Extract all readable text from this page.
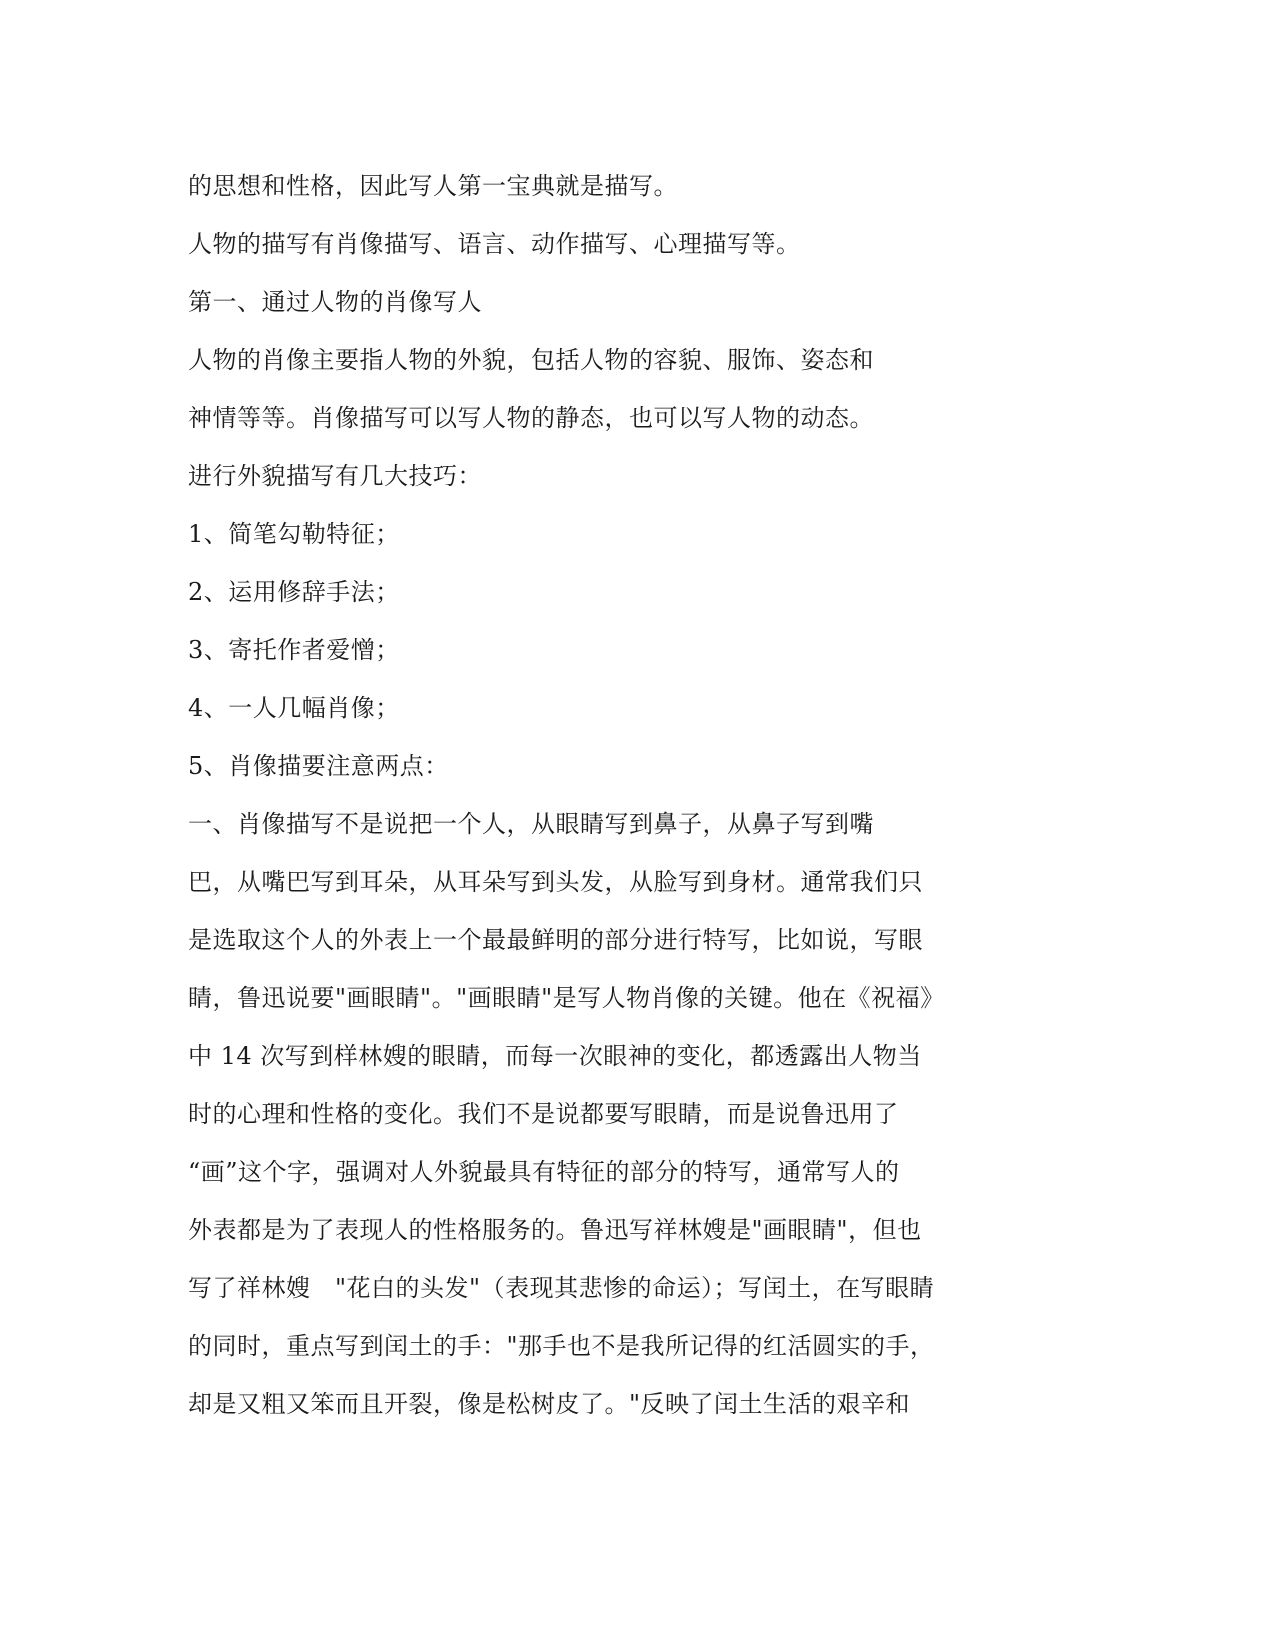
的思想和性格，因此写人第一宝典就是描写。
人物的描写有肖像描写、语言、动作描写、心理描写等。
第一、通过人物的肖像写人
人物的肖像主要指人物的外貌，包括人物的容貌、服饰、姿态和
神情等等。肖像描写可以写人物的静态，也可以写人物的动态。
进行外貌描写有几大技巧：
1、简笔勾勒特征；
2、运用修辞手法；
3、寄托作者爱憎；
4、一人几幅肖像；
5、肖像描要注意两点：
一、肖像描写不是说把一个人，从眼睛写到鼻子，从鼻子写到嘴
巴，从嘴巴写到耳朵，从耳朵写到头发，从脸写到身材。通常我们只
是选取这个人的外表上一个最最鲜明的部分进行特写，比如说，写眼
睛，鲁迅说要"画眼睛"。"画眼睛"是写人物肖像的关键。他在《祝福》
中 14 次写到样林嫂的眼睛，而每一次眼神的变化，都透露出人物当
时的心理和性格的变化。我们不是说都要写眼睛，而是说鲁迅用了
“画”这个字，强调对人外貌最具有特征的部分的特写，通常写人的
外表都是为了表现人的性格服务的。鲁迅写祥林嫂是"画眼睛"，但也
写了祥林嫂　"花白的头发"（表现其悲惨的命运）；写闰土，在写眼睛
的同时，重点写到闰土的手："那手也不是我所记得的红活圆实的手，
却是又粗又笨而且开裂，像是松树皮了。"反映了闰土生活的艰辛和
